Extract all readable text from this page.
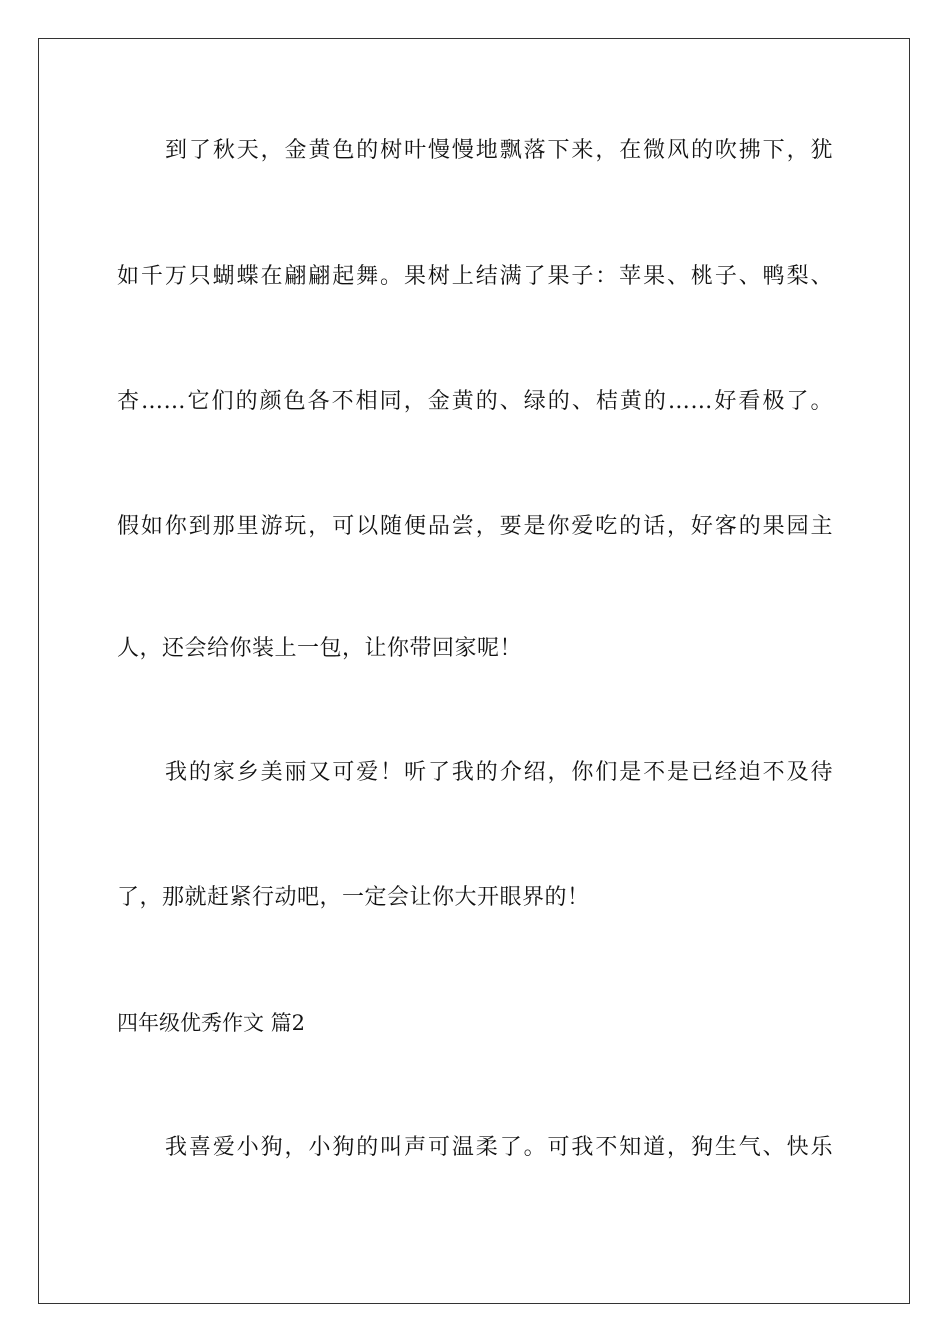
到了秋天，金黄色的树叶慢慢地飘落下来，在微风的吹拂下，犹
如千万只蝴蝶在翩翩起舞。果树上结满了果子：苹果、桃子、鸭梨、
杏……它们的颜色各不相同，金黄的、绿的、桔黄的……好看极了。
假如你到那里游玩，可以随便品尝，要是你爱吃的话，好客的果园主
人，还会给你装上一包，让你带回家呢！
我的家乡美丽又可爱！听了我的介绍，你们是不是已经迫不及待
了，那就赶紧行动吧，一定会让你大开眼界的！
四年级优秀作文 篇2
我喜爱小狗，小狗的叫声可温柔了。可我不知道，狗生气、快乐
